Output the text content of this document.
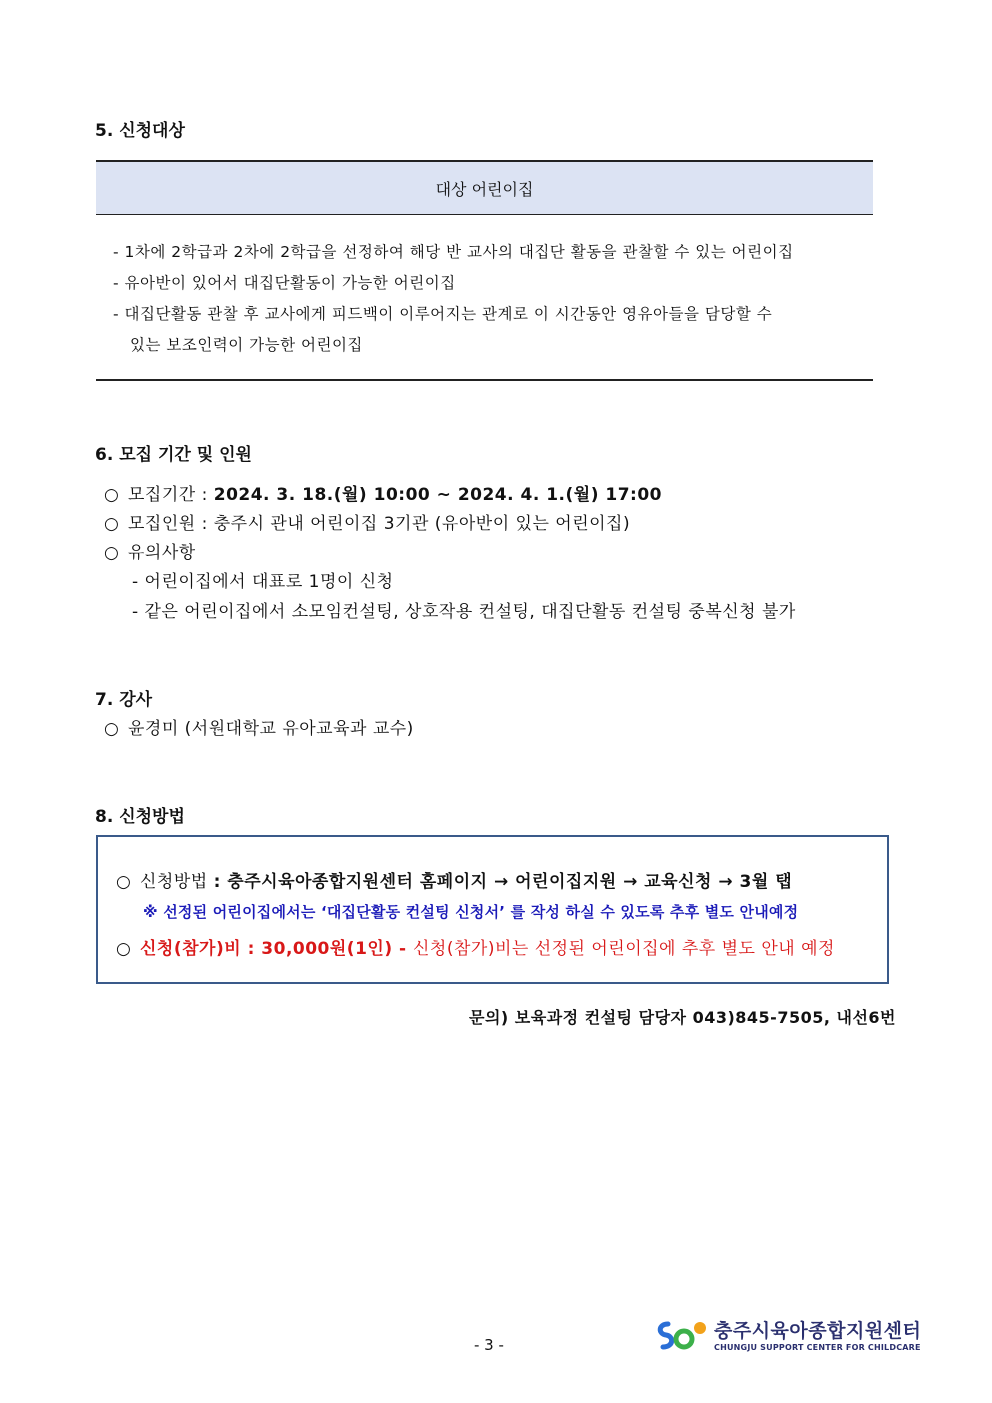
5. 신청대상
대상 어린이집
- 1차에 2학급과 2차에 2학급을 선정하여 해당 반 교사의 대집단 활동을 관찰할 수 있는 어린이집
- 유아반이 있어서 대집단활동이 가능한 어린이집
- 대집단활동 관찰 후 교사에게 피드백이 이루어지는 관계로 이 시간동안 영유아들을 담당할 수
있는 보조인력이 가능한 어린이집
6. 모집 기간 및 인원
○ 모집기간 : 2024. 3. 18.(월) 10:00 ~ 2024. 4. 1.(월) 17:00
○ 모집인원 : 충주시 관내 어린이집 3기관 (유아반이 있는 어린이집)
○ 유의사항
- 어린이집에서 대표로 1명이 신청
- 같은 어린이집에서 소모임컨설팅, 상호작용 컨설팅, 대집단활동 컨설팅 중복신청 불가
7. 강사
○ 윤경미 (서원대학교 유아교육과 교수)
8. 신청방법
○ 신청방법 : 충주시육아종합지원센터 홈페이지 → 어린이집지원 → 교육신청 → 3월 탭
※ 선정된 어린이집에서는 ‘대집단활동 컨설팅 신청서’ 를 작성 하실 수 있도록 추후 별도 안내예정
○ 신청(참가)비 : 30,000원(1인) - 신청(참가)비는 선정된 어린이집에 추후 별도 안내 예정
문의) 보육과정 컨설팅 담당자 043)845-7505, 내선6번
- 3 -
충주시육아종합지원센터
CHUNGJU SUPPORT CENTER FOR CHILDCARE
